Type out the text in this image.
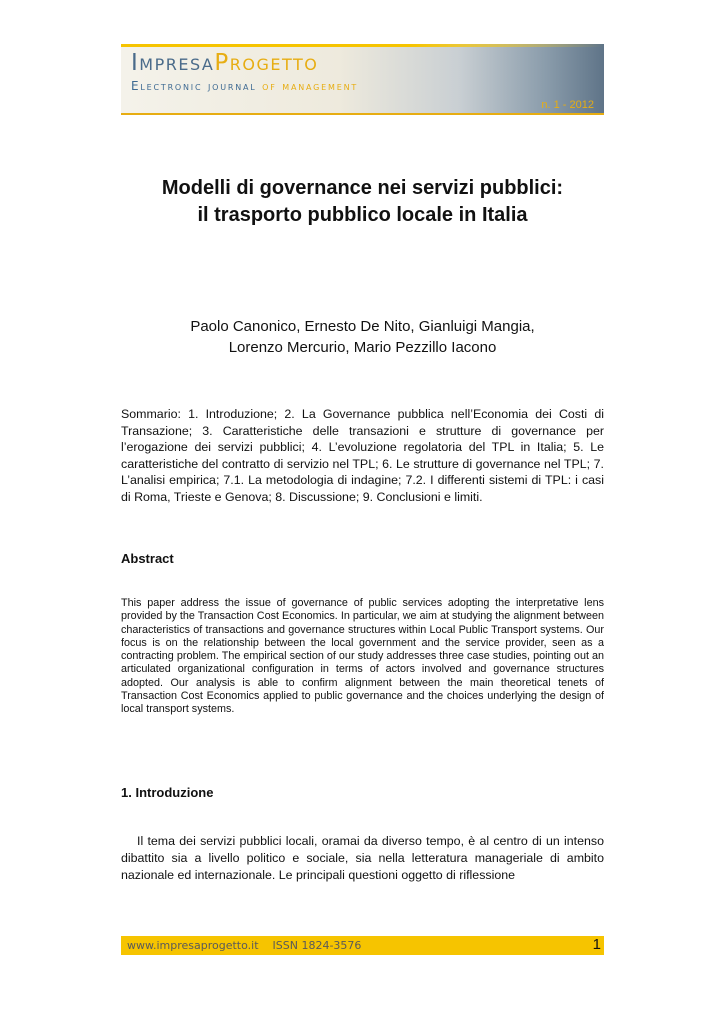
ImpresaProgetto
Electronic journal of management
n. 1 - 2012
Modelli di governance nei servizi pubblici:
il trasporto pubblico locale in Italia

Paolo Canonico, Ernesto De Nito, Gianluigi Mangia,
Lorenzo Mercurio, Mario Pezzillo Iacono

Sommario: 1. Introduzione; 2. La Governance pubblica nell’Economia dei Costi di Transazione; 3. Caratteristiche delle transazioni e strutture di governance per l’erogazione dei servizi pubblici; 4. L’evoluzione regolatoria del TPL in Italia; 5. Le caratteristiche del contratto di servizio nel TPL; 6. Le strutture di governance nel TPL; 7. L’analisi empirica; 7.1. La metodologia di indagine; 7.2. I differenti sistemi di TPL: i casi di Roma, Trieste e Genova; 8. Discussione; 9. Conclusioni e limiti.

Abstract

This paper address the issue of governance of public services adopting the interpretative lens provided by the Transaction Cost Economics. In particular, we aim at studying the alignment between characteristics of transactions and governance structures within Local Public Transport systems. Our focus is on the relationship between the local government and the service provider, seen as a contracting problem. The empirical section of our study addresses three case studies, pointing out an articulated organizational configuration in terms of actors involved and governance structures adopted. Our analysis is able to confirm alignment between the main theoretical tenets of Transaction Cost Economics applied to public governance and the choices underlying the design of local transport systems.

1. Introduzione

Il tema dei servizi pubblici locali, oramai da diverso tempo, è al centro di un intenso dibattito sia a livello politico e sociale, sia nella letteratura manageriale di ambito nazionale ed internazionale. Le principali questioni oggetto di riflessione

www.impresaprogetto.it ISSN 1824-3576	1
